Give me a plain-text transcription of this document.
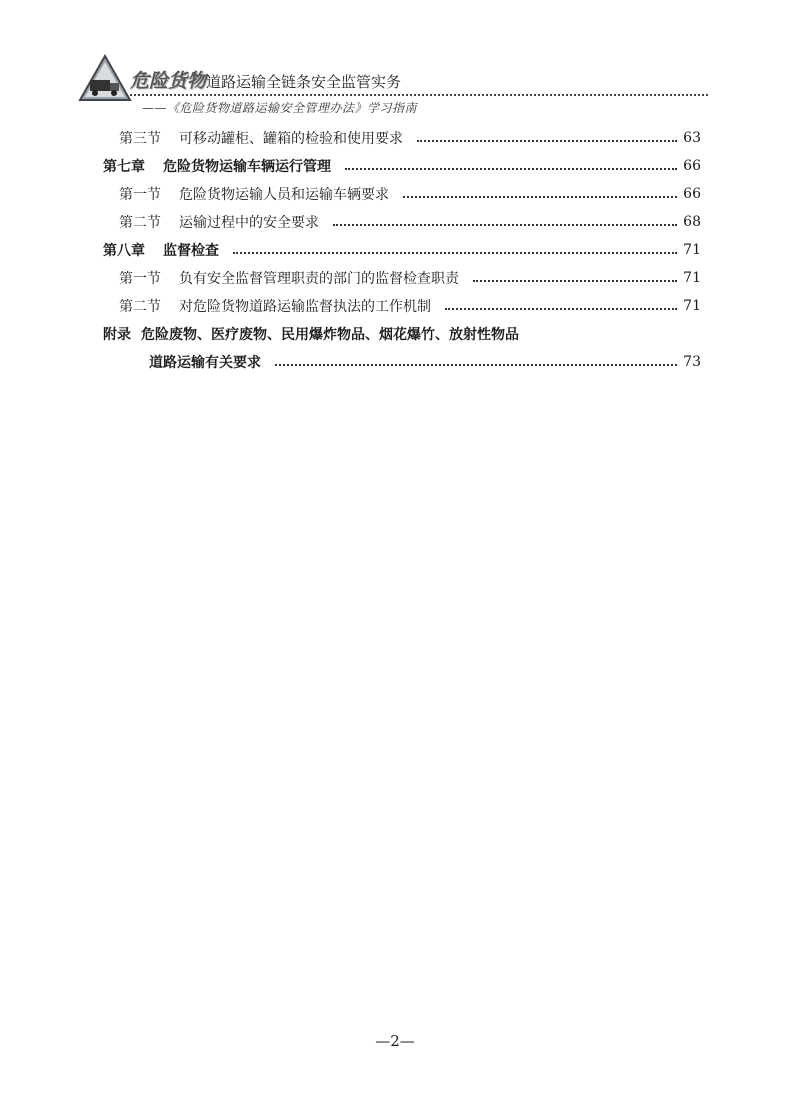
危险货物道路运输全链条安全监管实务
——《危险货物道路运输安全管理办法》学习指南
第三节 可移动罐柜、罐箱的检验和使用要求	63
第七章 危险货物运输车辆运行管理	66
第一节 危险货物运输人员和运输车辆要求	66
第二节 运输过程中的安全要求	68
第八章 监督检查	71
第一节 负有安全监督管理职责的部门的监督检查职责	71
第二节 对危险货物道路运输监督执法的工作机制	71
附录 危险废物、医疗废物、民用爆炸物品、烟花爆竹、放射性物品
道路运输有关要求	73
—2—
